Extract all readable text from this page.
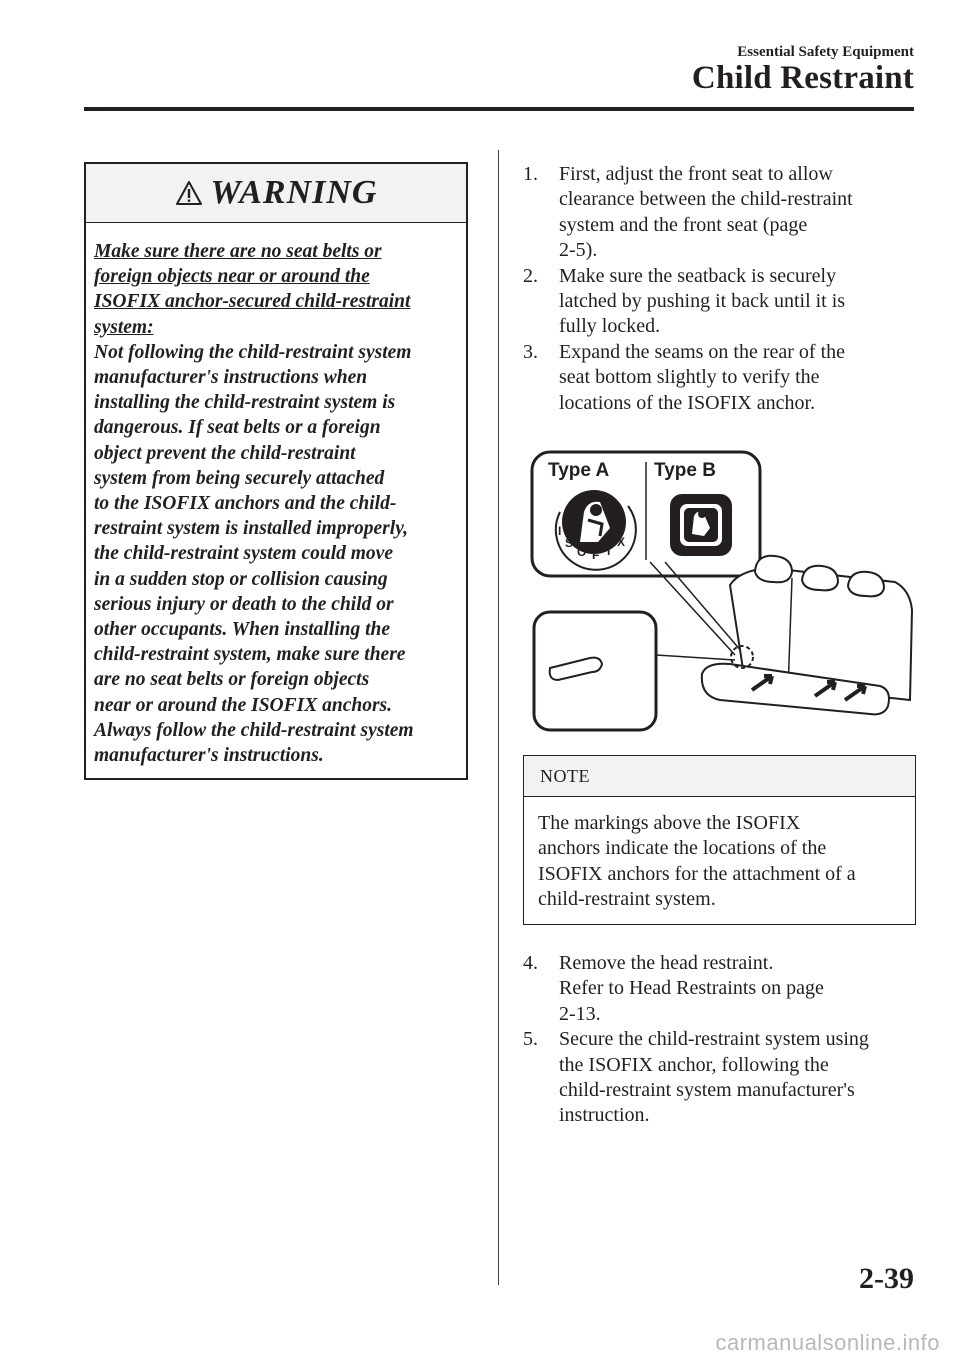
Essential Safety Equipment
Child Restraint
WARNING
Make sure there are no seat belts or
foreign objects near or around the
ISOFIX anchor-secured child-restraint
system:
Not following the child-restraint system
manufacturer's instructions when
installing the child-restraint system is
dangerous. If seat belts or a foreign
object prevent the child-restraint
system from being securely attached
to the ISOFIX anchors and the child-
restraint system is installed improperly,
the child-restraint system could move
in a sudden stop or collision causing
serious injury or death to the child or
other occupants. When installing the
child-restraint system, make sure there
are no seat belts or foreign objects
near or around the ISOFIX anchors.
Always follow the child-restraint system
manufacturer's instructions.
1. First, adjust the front seat to allow
clearance between the child-restraint
system and the front seat (page
2-5).
2. Make sure the seatback is securely
latched by pushing it back until it is
fully locked.
3. Expand the seams on the rear of the
seat bottom slightly to verify the
locations of the ISOFIX anchor.
Type A Type B
I
S
O F I
X
NOTE
The markings above the ISOFIX
anchors indicate the locations of the
ISOFIX anchors for the attachment of a
child-restraint system.
4. Remove the head restraint.
Refer to Head Restraints on page
2-13.
5. Secure the child-restraint system using
the ISOFIX anchor, following the
child-restraint system manufacturer's
instruction.
2-39
carmanualsonline.info
